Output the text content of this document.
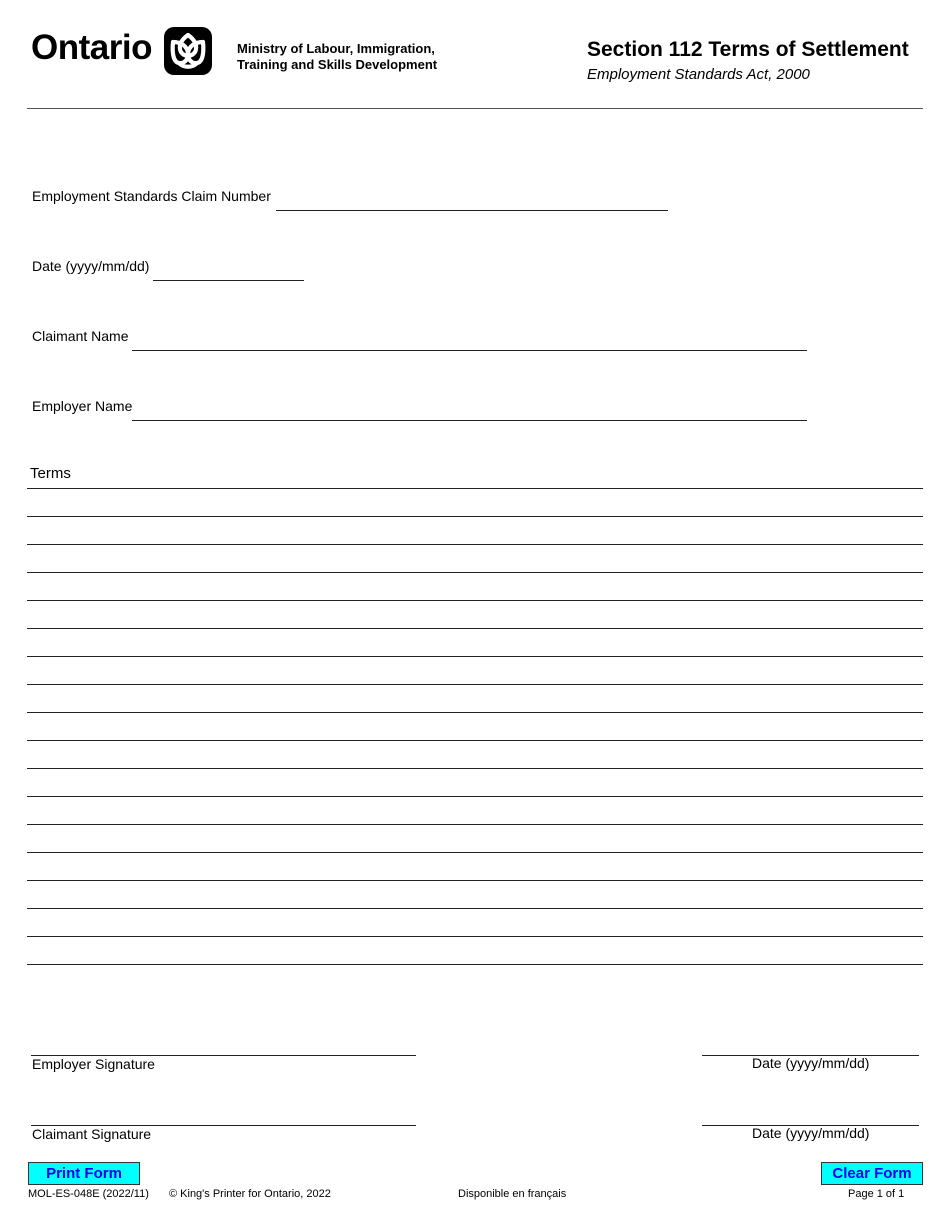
Ontario	Ministry of Labour, Immigration,
Training and Skills Development
Section 112 Terms of Settlement
Employment Standards Act, 2000
Employment Standards Claim Number
Date (yyyy/mm/dd)
Claimant Name
Employer Name
Terms
Employer Signature	Date (yyyy/mm/dd)
Claimant Signature	Date (yyyy/mm/dd)
Print Form	Clear Form
MOL-ES-048E (2022/11) © King's Printer for Ontario, 2022	Disponible en français	Page 1 of 1
